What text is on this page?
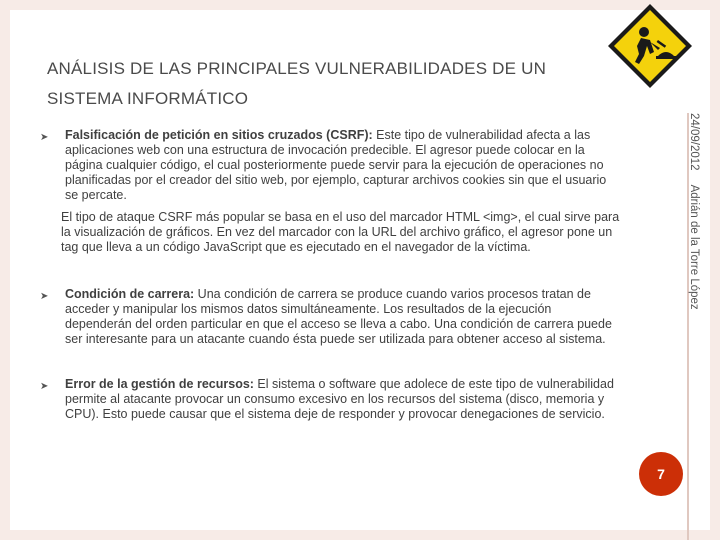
ANÁLISIS DE LAS PRINCIPALES VULNERABILIDADES DE UN
SISTEMA INFORMÁTICO
24/09/2012
Adrián de la Torre López
➤ Falsificación de petición en sitios cruzados (CSRF): Este tipo de vulnerabilidad afecta a las aplicaciones web con una estructura de invocación predecible. El agresor puede colocar en la página cualquier código, el cual posteriormente puede servir para la ejecución de operaciones no planificadas por el creador del sitio web, por ejemplo, capturar archivos cookies sin que el usuario se percate.
El tipo de ataque CSRF más popular se basa en el uso del marcador HTML <img>, el cual sirve para la visualización de gráficos. En vez del marcador con la URL del archivo gráfico, el agresor pone un tag que lleva a un código JavaScript que es ejecutado en el navegador de la víctima.
➤ Condición de carrera: Una condición de carrera se produce cuando varios procesos tratan de acceder y manipular los mismos datos simultáneamente. Los resultados de la ejecución dependerán del orden particular en que el acceso se lleva a cabo. Una condición de carrera puede ser interesante para un atacante cuando ésta puede ser utilizada para obtener acceso al sistema.
➤ Error de la gestión de recursos: El sistema o software que adolece de este tipo de vulnerabilidad permite al atacante provocar un consumo excesivo en los recursos del sistema (disco, memoria y CPU). Esto puede causar que el sistema deje de responder y provocar denegaciones de servicio.
7
